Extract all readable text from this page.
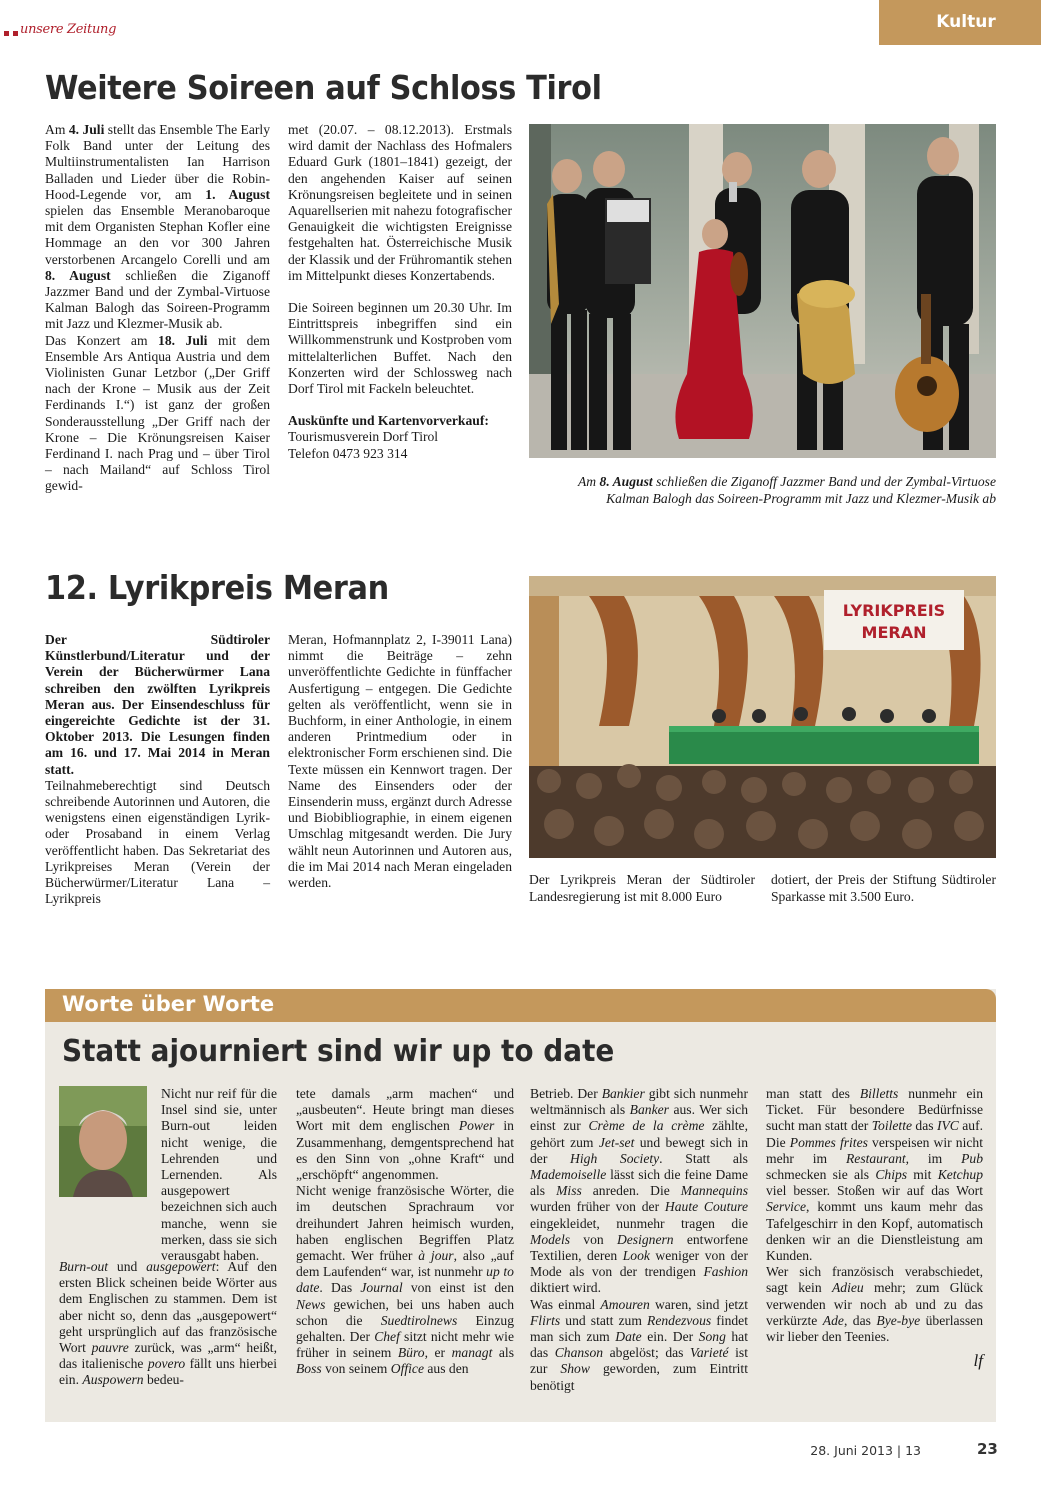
unsere Zeitung	Kultur
Weitere Soireen auf Schloss Tirol

Am 4. Juli stellt das Ensemble The Early Folk Band unter der Leitung des Multiinstrumentalisten Ian Harrison Balladen und Lieder über die Robin-Hood-Legende vor, am 1. August spielen das Ensemble Meranobaroque mit dem Organisten Stephan Kofler eine Hommage an den vor 300 Jahren verstorbenen Arcangelo Corelli und am 8. August schließen die Ziganoff Jazzmer Band und der Zymbal-Virtuose Kalman Balogh das Soireen-Programm mit Jazz und Klezmer-Musik ab.

Das Konzert am 18. Juli mit dem Ensemble Ars Antiqua Austria und dem Violinisten Gunar Letzbor („Der Griff nach der Krone – Musik aus der Zeit Ferdinands I.“) ist ganz der großen Sonderausstellung „Der Griff nach der Krone – Die Krönungsreisen Kaiser Ferdinand I. nach Prag und – über Tirol – nach Mailand“ auf Schloss Tirol gewid-

met (20.07. – 08.12.2013). Erstmals wird damit der Nachlass des Hofmalers Eduard Gurk (1801–1841) gezeigt, der den angehenden Kaiser auf seinen Krönungsreisen begleitete und in seinen Aquarellserien mit nahezu fotografischer Genauigkeit die wichtigsten Ereignisse festgehalten hat. Österreichische Musik der Klassik und der Frühromantik stehen im Mittelpunkt dieses Konzertabends.

Die Soireen beginnen um 20.30 Uhr. Im Eintrittspreis inbegriffen sind ein Willkommenstrunk und Kostproben vom mittelalterlichen Buffet. Nach den Konzerten wird der Schlossweg nach Dorf Tirol mit Fackeln beleuchtet.

Auskünfte und Kartenvorverkauf:

Tourismusverein Dorf Tirol

Telefon 0473 923 314

Am 8. August schließen die Ziganoff Jazzmer Band und der Zymbal-Virtuose
Kalman Balogh das Soireen-Programm mit Jazz und Klezmer-Musik ab
12. Lyrikpreis Meran

Der Südtiroler Künstlerbund/Literatur und der Verein der Bücherwürmer Lana schreiben den zwölften Lyrikpreis Meran aus. Der Einsendeschluss für eingereichte Gedichte ist der 31. Oktober 2013. Die Lesungen finden am 16. und 17. Mai 2014 in Meran statt.

Teilnahmeberechtigt sind Deutsch schreibende Autorinnen und Autoren, die wenigstens einen eigenständigen Lyrik- oder Prosaband in einem Verlag veröffentlicht haben. Das Sekretariat des Lyrikpreises Meran (Verein der Bücherwürmer/Literatur Lana – Lyrikpreis

Meran, Hofmannplatz 2, I-39011 Lana) nimmt die Beiträge – zehn unveröffentlichte Gedichte in fünffacher Ausfertigung – entgegen. Die Gedichte gelten als veröffentlicht, wenn sie in Buchform, in einer Anthologie, in einem anderen Printmedium oder in elektronischer Form erschienen sind. Die Texte müssen ein Kennwort tragen. Der Name des Einsenders oder der Einsenderin muss, ergänzt durch Adresse und Biobibliographie, in einem eigenen Umschlag mitgesandt werden. Die Jury wählt neun Autorinnen und Autoren aus, die im Mai 2014 nach Meran eingeladen werden.

LYRIKPREIS
MERAN
Der Lyrikpreis Meran der Südtiroler Landesregierung ist mit 8.000 Euro
dotiert, der Preis der Stiftung Südtiroler Sparkasse mit 3.500 Euro.
Worte über Worte
Statt ajourniert sind wir up to date

Nicht nur reif für die Insel sind sie, unter Burn-out leiden nicht wenige, die Lehrenden und Lernenden. Als ausgepowert bezeichnen sich auch manche, wenn sie merken, dass sie sich verausgabt haben.

Burn-out und ausgepowert: Auf den ersten Blick scheinen beide Wörter aus dem Englischen zu stammen. Dem ist aber nicht so, denn das „ausgepowert“ geht ursprünglich auf das französische Wort pauvre zurück, was „arm“ heißt, das italienische povero fällt uns hierbei ein. Auspowern bedeu-

tete damals „arm machen“ und „ausbeuten“. Heute bringt man dieses Wort mit dem englischen Power in Zusammenhang, demgentsprechend hat es den Sinn von „ohne Kraft“ und „erschöpft“ angenommen.

Nicht wenige französische Wörter, die im deutschen Sprachraum vor dreihundert Jahren heimisch wurden, haben englischen Begriffen Platz gemacht. Wer früher à jour, also „auf dem Laufenden“ war, ist nunmehr up to date. Das Journal von einst ist den News gewichen, bei uns haben auch schon die Suedtirolnews Einzug gehalten. Der Chef sitzt nicht mehr wie früher in seinem Büro, er managt als Boss von seinem Office aus den

Betrieb. Der Bankier gibt sich nunmehr weltmännisch als Banker aus. Wer sich einst zur Crème de la crème zählte, gehört zum Jet-set und bewegt sich in der High Society. Statt als Mademoiselle lässt sich die feine Dame als Miss anreden. Die Mannequins wurden früher von der Haute Couture eingekleidet, nunmehr tragen die Models von Designern entworfene Textilien, deren Look weniger von der Mode als von der trendigen Fashion diktiert wird.

Was einmal Amouren waren, sind jetzt Flirts und statt zum Rendezvous findet man sich zum Date ein. Der Song hat das Chanson abgelöst; das Varieté ist zur Show geworden, zum Eintritt benötigt

man statt des Billetts nunmehr ein Ticket. Für besondere Bedürfnisse sucht man statt der Toilette das IVC auf.

Die Pommes frites verspeisen wir nicht mehr im Restaurant, im Pub schmecken sie als Chips mit Ketchup viel besser. Stoßen wir auf das Wort Service, kommt uns kaum mehr das Tafelgeschirr in den Kopf, automatisch denken wir an die Dienstleistung am Kunden.

Wer sich französisch verabschiedet, sagt kein Adieu mehr; zum Glück verwenden wir noch ab und zu das verkürzte Ade, das Bye-bye überlassen wir lieber den Teenies.

lf

28. Juni 2013 | 13	23
